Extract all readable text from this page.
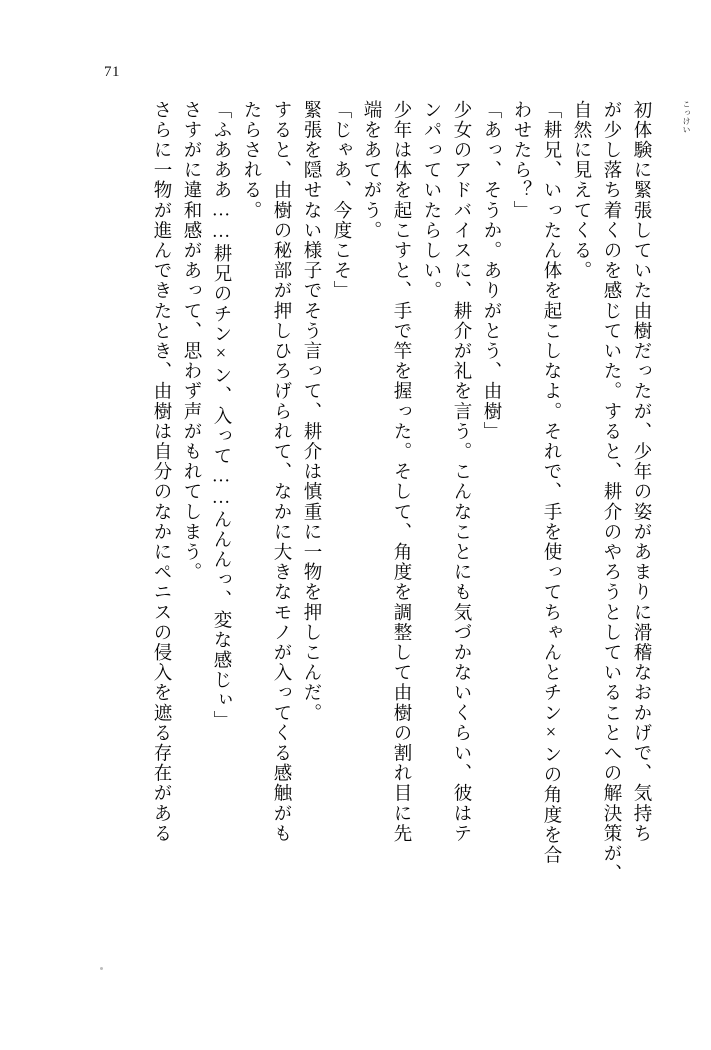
71
こっけい
初体験に緊張していた由樹だったが、少年の姿があまりに滑稽なおかげで、気持ち
が少し落ち着くのを感じていた。すると、耕介のやろうとしていることへの解決策が、
自然に見えてくる。
「耕兄、いったん体を起こしなよ。それで、手を使ってちゃんとチン×ンの角度を合
わせたら？」
「あっ、そうか。ありがとう、由樹」
少女のアドバイスに、耕介が礼を言う。こんなことにも気づかないくらい、彼はテ
ンパっていたらしい。
少年は体を起こすと、手で竿を握った。そして、角度を調整して由樹の割れ目に先
端をあてがう。
「じゃあ、今度こそ」
緊張を隠せない様子でそう言って、耕介は慎重に一物を押しこんだ。
すると、由樹の秘部が押しひろげられて、なかに大きなモノが入ってくる感触がも
たらされる。
「ふあああ……耕兄のチン×ン、入って……んんんっ、変な感じぃ」
さすがに違和感があって、思わず声がもれてしまう。
さらに一物が進んできたとき、由樹は自分のなかにペニスの侵入を遮る存在がある
